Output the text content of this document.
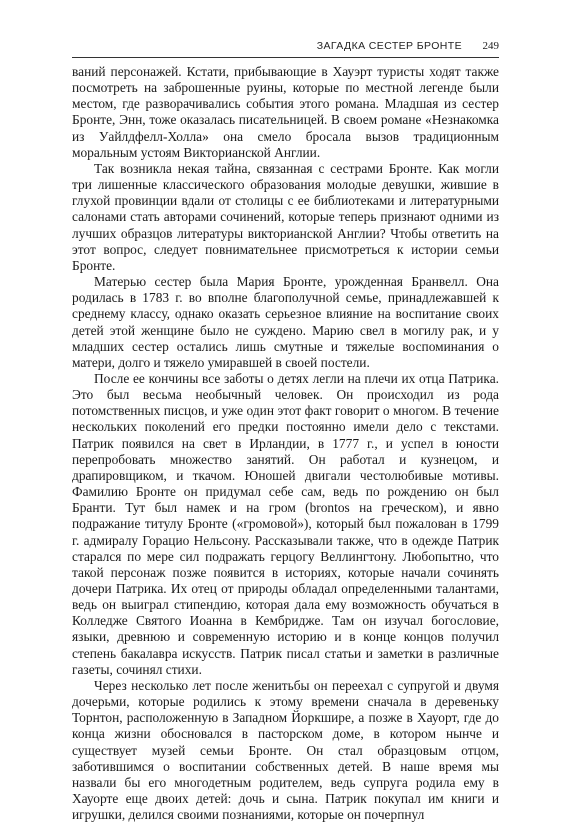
ЗАГАДКА СЕСТЕР БРОНТЕ 249

ваний персонажей. Кстати, прибывающие в Хауэрт туристы ходят также посмотреть на заброшенные руины, которые по местной легенде были местом, где разворачивались события этого романа. Младшая из сестер Бронте, Энн, тоже оказалась писательницей. В своем романе «Незнакомка из Уайлдфелл-Холла» она смело бросала вызов традиционным моральным устоям Викторианской Англии.

Так возникла некая тайна, связанная с сестрами Бронте. Как могли три лишенные классического образования молодые девушки, жившие в глухой провинции вдали от столицы с ее библиотеками и литературными салонами стать авторами сочинений, которые теперь признают одними из лучших образцов литературы викторианской Англии? Чтобы ответить на этот вопрос, следует повнимательнее присмотреться к истории семьи Бронте.

Матерью сестер была Мария Бронте, урожденная Бранвелл. Она родилась в 1783 г. во вполне благополучной семье, принадлежавшей к среднему классу, однако оказать серьезное влияние на воспитание своих детей этой женщине было не суждено. Марию свел в могилу рак, и у младших сестер остались лишь смутные и тяжелые воспоминания о матери, долго и тяжело умиравшей в своей постели.

После ее кончины все заботы о детях легли на плечи их отца Патрика. Это был весьма необычный человек. Он происходил из рода потомственных писцов, и уже один этот факт говорит о многом. В течение нескольких поколений его предки постоянно имели дело с текстами. Патрик появился на свет в Ирландии, в 1777 г., и успел в юности перепробовать множество занятий. Он работал и кузнецом, и драпировщиком, и ткачом. Юношей двигали честолюбивые мотивы. Фамилию Бронте он придумал себе сам, ведь по рождению он был Бранти. Тут был намек и на гром (brontos на греческом), и явно подражание титулу Бронте («громовой»), который был пожалован в 1799 г. адмиралу Горацио Нельсону. Рассказывали также, что в одежде Патрик старался по мере сил подражать герцогу Веллингтону. Любопытно, что такой персонаж позже появится в историях, которые начали сочинять дочери Патрика. Их отец от природы обладал определенными талантами, ведь он выиграл стипендию, которая дала ему возможность обучаться в Колледже Святого Иоанна в Кембридже. Там он изучал богословие, языки, древнюю и современную историю и в конце концов получил степень бакалавра искусств. Патрик писал статьи и заметки в различные газеты, сочинял стихи.

Через несколько лет после женитьбы он переехал с супругой и двумя дочерьми, которые родились к этому времени сначала в деревеньку Торнтон, расположенную в Западном Йоркшире, а позже в Хауорт, где до конца жизни обосновался в пасторском доме, в котором нынче и существует музей семьи Бронте. Он стал образцовым отцом, заботившимся о воспитании собственных детей. В наше время мы назвали бы его многодетным родителем, ведь супруга родила ему в Хауорте еще двоих детей: дочь и сына. Патрик покупал им книги и игрушки, делился своими познаниями, которые он почерпнул
